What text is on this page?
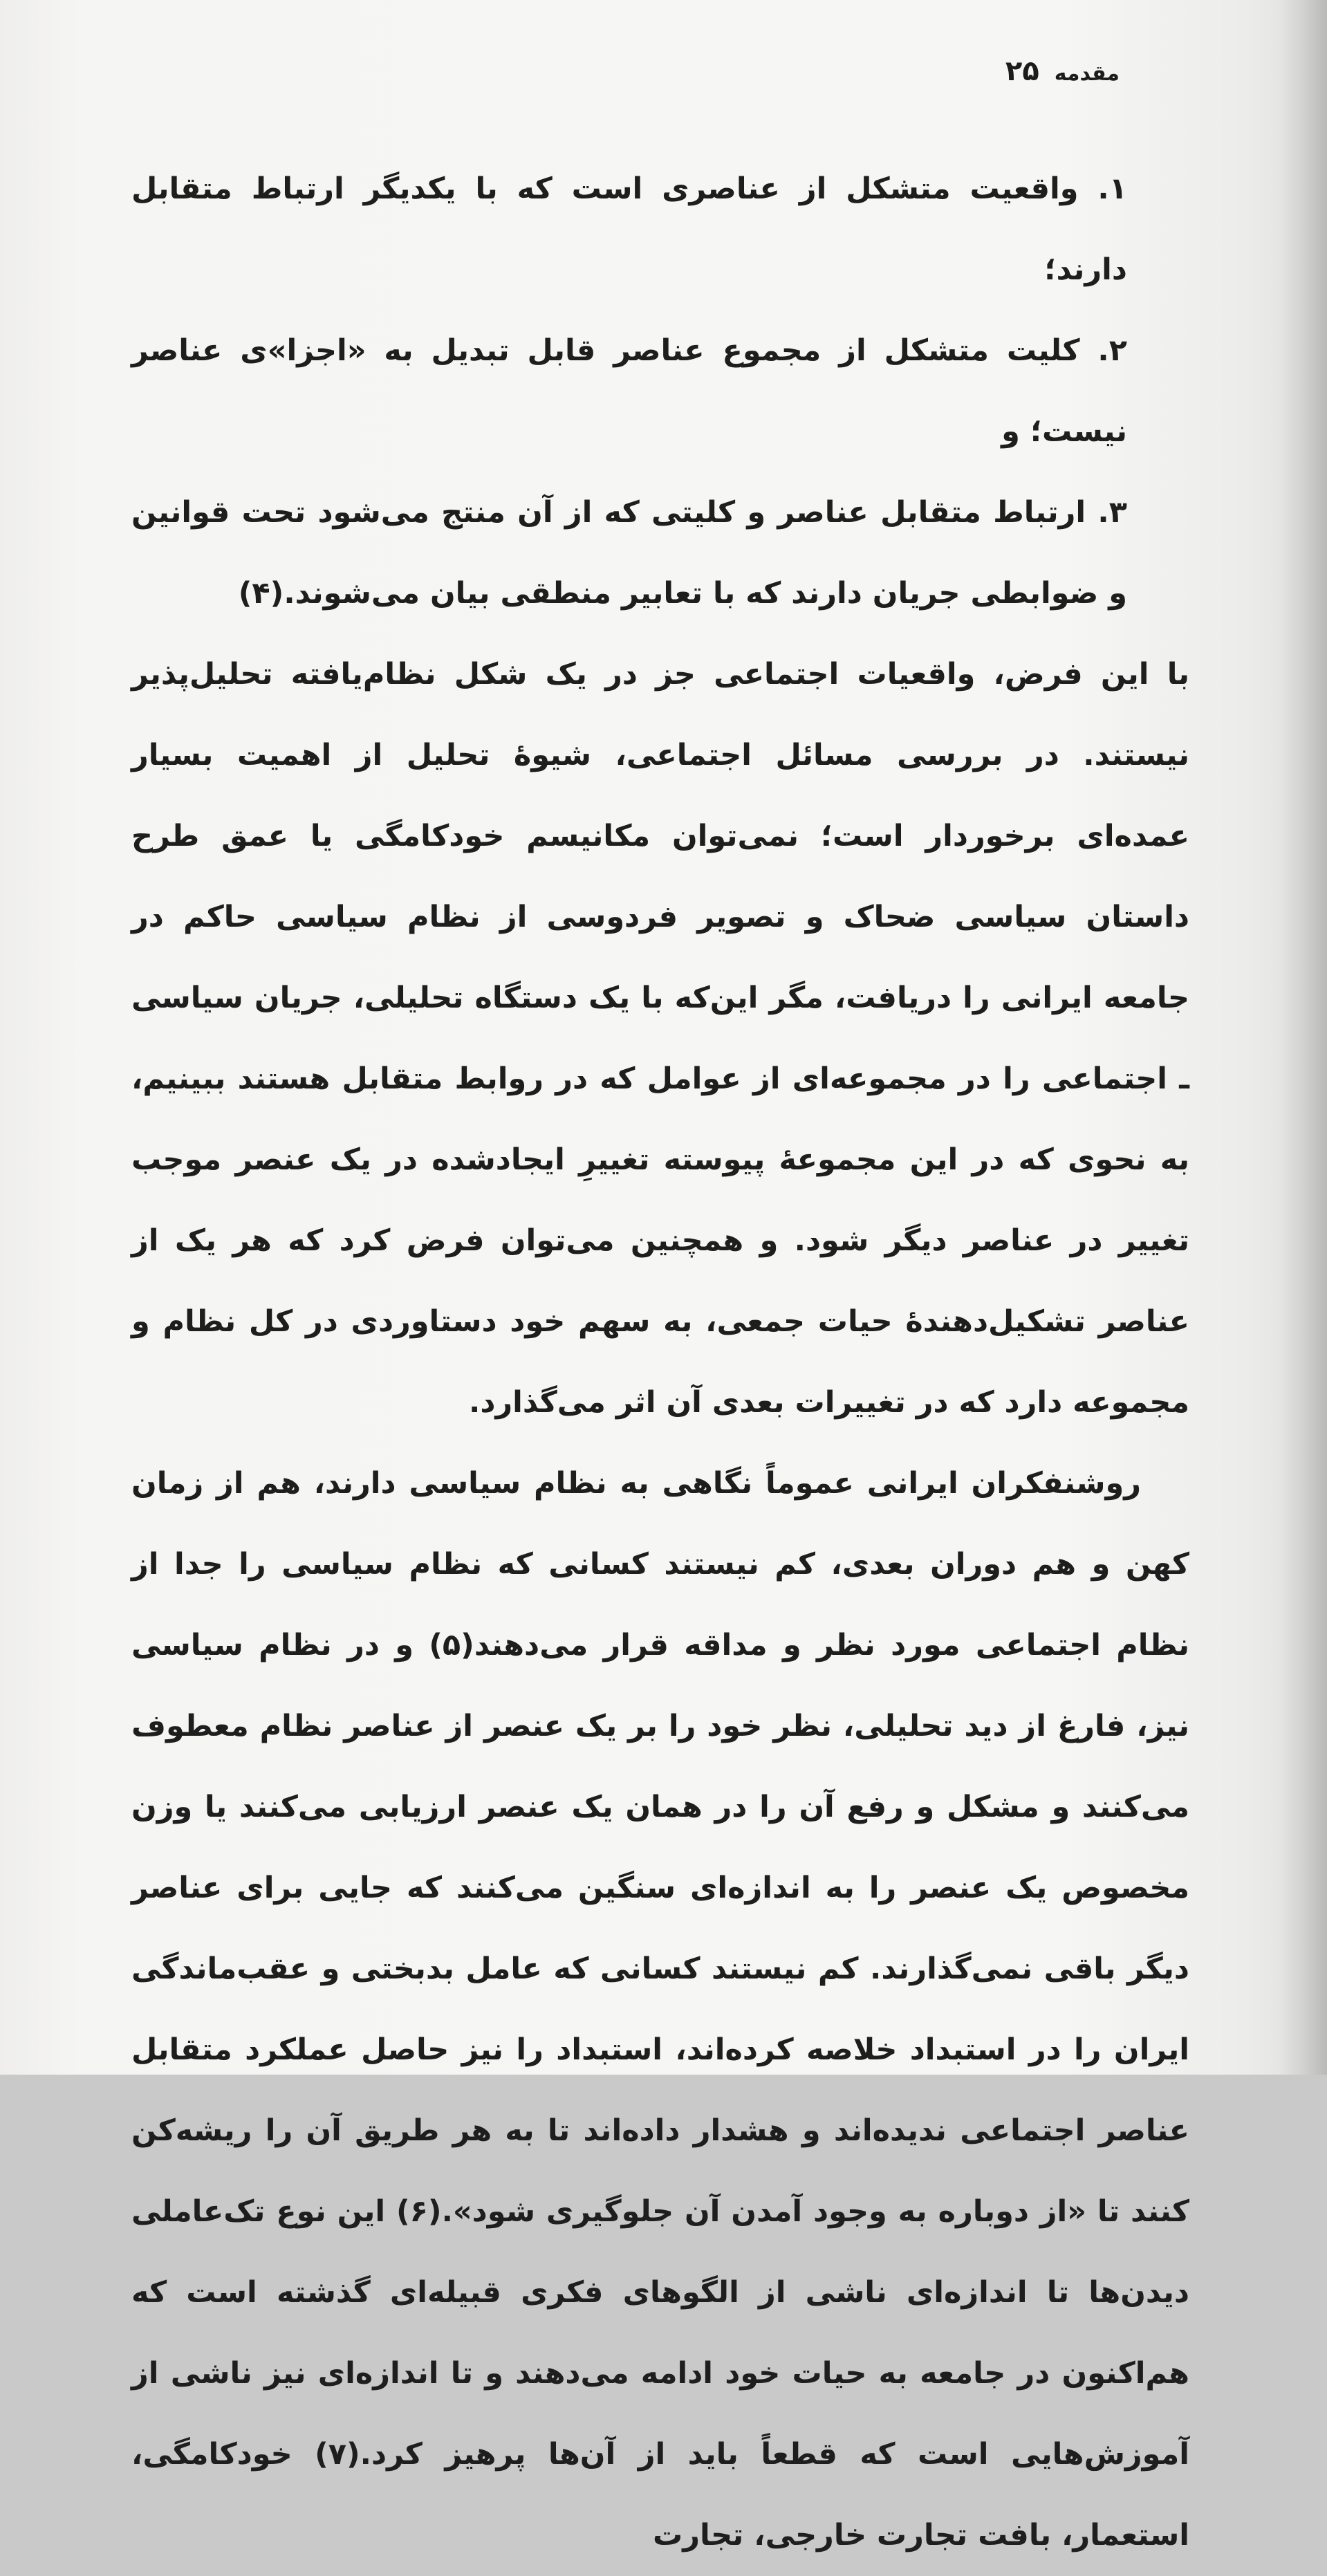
مقدمه
۲۵

۱. واقعیت متشکل از عناصری است که با یکدیگر ارتباط متقابل دارند؛

۲. کلیت متشکل از مجموع عناصر قابل تبدیل به «اجزا»ی عناصر نیست؛ و

۳. ارتباط متقابل عناصر و کلیتی که از آن منتج می‌شود تحت قوانین و ضوابطی جریان دارند که با تعابیر منطقی بیان می‌شوند.(۴)

با این فرض، واقعیات اجتماعی جز در یک شکل نظام‌یافته تحلیل‌پذیر نیستند. در بررسی مسائل اجتماعی، شیوهٔ تحلیل از اهمیت بسیار عمده‌ای برخوردار است؛ نمی‌توان مکانیسم خودکامگی یا عمق طرح داستان سیاسی ضحاک و تصویر فردوسی از نظام سیاسی حاکم در جامعه ایرانی را دریافت، مگر این‌که با یک دستگاه تحلیلی، جریان سیاسی ـ اجتماعی را در مجموعه‌ای از عوامل که در روابط متقابل هستند ببینیم، به نحوی که در این مجموعهٔ پیوسته تغییرِ ایجادشده در یک عنصر موجب تغییر در عناصر دیگر شود. و همچنین می‌توان فرض کرد که هر یک از عناصر تشکیل‌دهندهٔ حیات جمعی، به سهم خود دستاوردی در کل نظام و مجموعه دارد که در تغییرات بعدی آن اثر می‌گذارد.

روشنفکران ایرانی عموماً نگاهی به نظام سیاسی دارند، هم از زمان کهن و هم دوران بعدی، کم نیستند کسانی که نظام سیاسی را جدا از نظام اجتماعی مورد نظر و مداقه قرار می‌دهند(۵) و در نظام سیاسی نیز، فارغ از دید تحلیلی، نظر خود را بر یک عنصر از عناصر نظام معطوف می‌کنند و مشکل و رفع آن را در همان یک عنصر ارزیابی می‌کنند یا وزن مخصوص یک عنصر را به اندازه‌ای سنگین می‌کنند که جایی برای عناصر دیگر باقی نمی‌گذارند. کم نیستند کسانی که عامل بدبختی و عقب‌ماندگی ایران را در استبداد خلاصه کرده‌اند، استبداد را نیز حاصل عملکرد متقابل عناصر اجتماعی ندیده‌اند و هشدار داده‌اند تا به هر طریق آن را ریشه‌کن کنند تا «از دوباره به وجود آمدن آن جلوگیری شود».(۶) این نوع تک‌عاملی دیدن‌ها تا اندازه‌ای ناشی از الگوهای فکری قبیله‌ای گذشته است که هم‌اکنون در جامعه به حیات خود ادامه می‌دهند و تا اندازه‌ای نیز ناشی از آموزش‌هایی است که قطعاً باید از آن‌ها پرهیز کرد.(۷) خودکامگی، استعمار، بافت تجارت خارجی، تجارت
